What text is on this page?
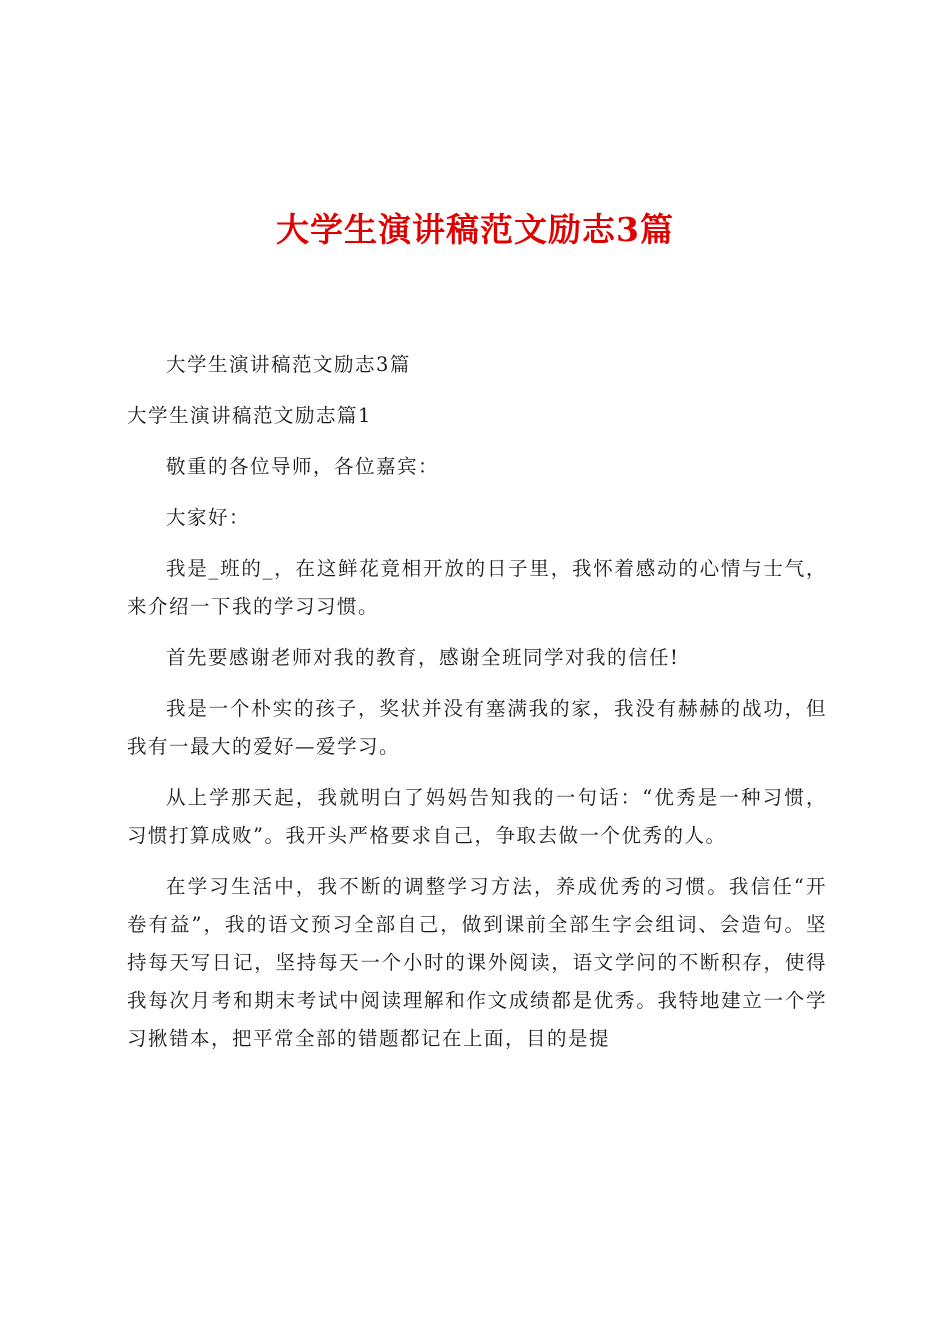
大学生演讲稿范文励志3篇

大学生演讲稿范文励志3篇

大学生演讲稿范文励志篇1

敬重的各位导师，各位嘉宾：

大家好：

我是_班的_，在这鲜花竟相开放的日子里，我怀着感动的心情与士气，来介绍一下我的学习习惯。

首先要感谢老师对我的教育，感谢全班同学对我的信任!

我是一个朴实的孩子，奖状并没有塞满我的家，我没有赫赫的战功，但我有一最大的爱好—爱学习。

从上学那天起，我就明白了妈妈告知我的一句话：“优秀是一种习惯，习惯打算成败”。我开头严格要求自己，争取去做一个优秀的人。

在学习生活中，我不断的调整学习方法，养成优秀的习惯。我信任“开卷有益”，我的语文预习全部自己，做到课前全部生字会组词、会造句。坚持每天写日记，坚持每天一个小时的课外阅读，语文学问的不断积存，使得我每次月考和期末考试中阅读理解和作文成绩都是优秀。我特地建立一个学习揪错本，把平常全部的错题都记在上面，目的是提
